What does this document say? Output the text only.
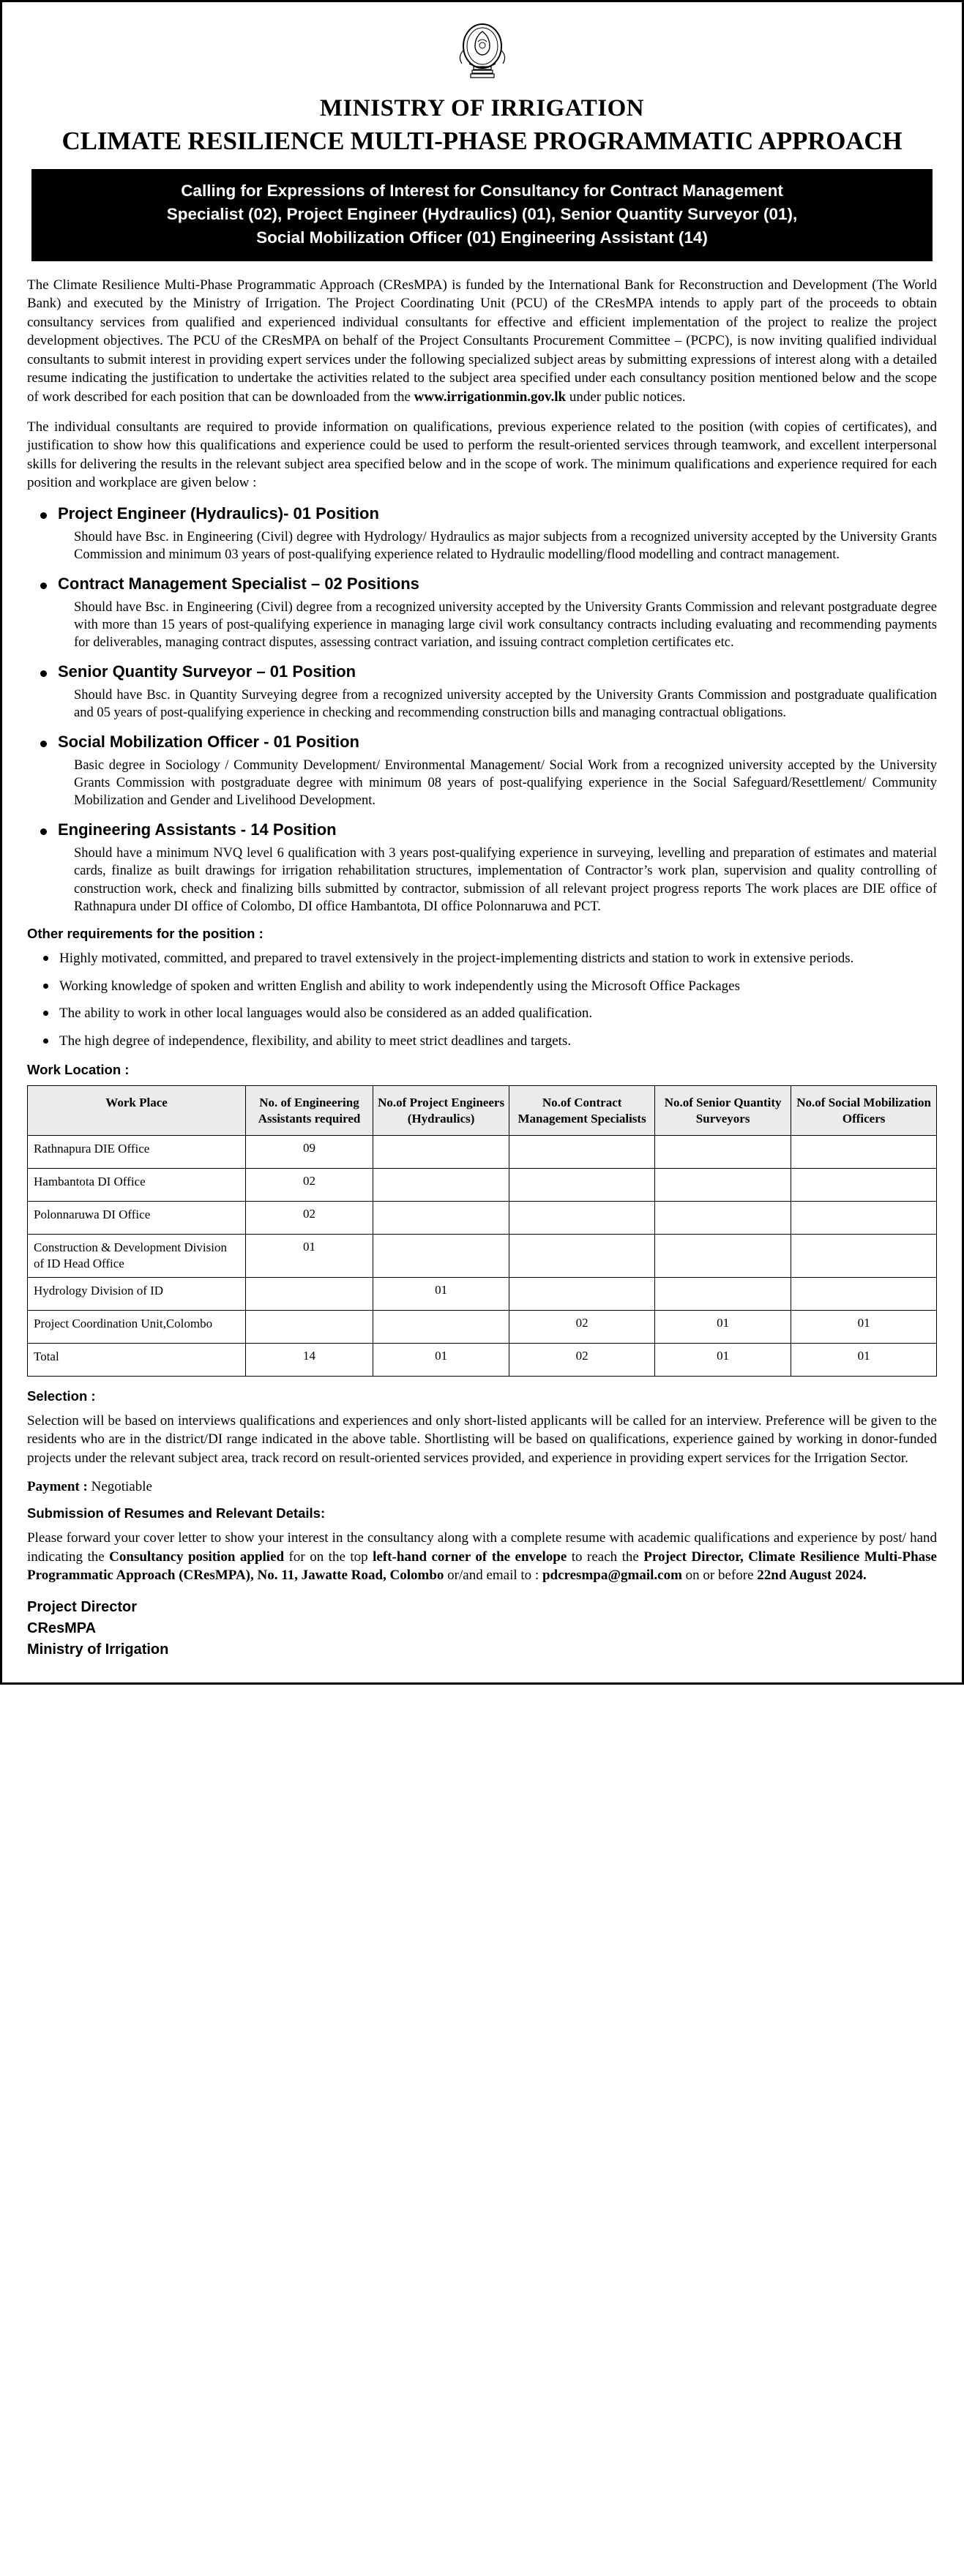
MINISTRY OF IRRIGATION
CLIMATE RESILIENCE MULTI-PHASE PROGRAMMATIC APPROACH
Calling for Expressions of Interest for Consultancy for Contract Management
Specialist (02), Project Engineer (Hydraulics) (01), Senior Quantity Surveyor (01),
Social Mobilization Officer (01) Engineering Assistant (14)

The Climate Resilience Multi-Phase Programmatic Approach (CResMPA) is funded by the International Bank for Reconstruction and Development (The World Bank) and executed by the Ministry of Irrigation. The Project Coordinating Unit (PCU) of the CResMPA intends to apply part of the proceeds to obtain consultancy services from qualified and experienced individual consultants for effective and efficient implementation of the project to realize the project development objectives. The PCU of the CResMPA on behalf of the Project Consultants Procurement Committee – (PCPC), is now inviting qualified individual consultants to submit interest in providing expert services under the following specialized subject areas by submitting expressions of interest along with a detailed resume indicating the justification to undertake the activities related to the subject area specified under each consultancy position mentioned below and the scope of work described for each position that can be downloaded from the www.irrigationmin.gov.lk under public notices.

The individual consultants are required to provide information on qualifications, previous experience related to the position (with copies of certificates), and justification to show how this qualifications and experience could be used to perform the result-oriented services through teamwork, and excellent interpersonal skills for delivering the results in the relevant subject area specified below and in the scope of work. The minimum qualifications and experience required for each position and workplace are given below :

Project Engineer (Hydraulics)- 01 Position

Should have Bsc. in Engineering (Civil) degree with Hydrology/ Hydraulics as major subjects from a recognized university accepted by the University Grants Commission and minimum 03 years of post-qualifying experience related to Hydraulic modelling/flood modelling and contract management.

Contract Management Specialist – 02 Positions

Should have Bsc. in Engineering (Civil) degree from a recognized university accepted by the University Grants Commission and relevant postgraduate degree with more than 15 years of post-qualifying experience in managing large civil work consultancy contracts including evaluating and recommending payments for deliverables, managing contract disputes, assessing contract variation, and issuing contract completion certificates etc.

Senior Quantity Surveyor – 01 Position

Should have Bsc. in Quantity Surveying degree from a recognized university accepted by the University Grants Commission and postgraduate qualification and 05 years of post-qualifying experience in checking and recommending construction bills and managing contractual obligations.

Social Mobilization Officer - 01 Position

Basic degree in Sociology / Community Development/ Environmental Management/ Social Work from a recognized university accepted by the University Grants Commission with postgraduate degree with minimum 08 years of post-qualifying experience in the Social Safeguard/Resettlement/ Community Mobilization and Gender and Livelihood Development.

Engineering Assistants - 14 Position

Should have a minimum NVQ level 6 qualification with 3 years post-qualifying experience in surveying, levelling and preparation of estimates and material cards, finalize as built drawings for irrigation rehabilitation structures, implementation of Contractor’s work plan, supervision and quality controlling of construction work, check and finalizing bills submitted by contractor, submission of all relevant project progress reports The work places are DIE office of Rathnapura under DI office of Colombo, DI office Hambantota, DI office Polonnaruwa and PCT.

Other requirements for the position :
Highly motivated, committed, and prepared to travel extensively in the project-implementing districts and station to work in extensive periods.
Working knowledge of spoken and written English and ability to work independently using the Microsoft Office Packages
The ability to work in other local languages would also be considered as an added qualification.
The high degree of independence, flexibility, and ability to meet strict deadlines and targets.
Work Location :
Work Place	No. of Engineering Assistants required	No.of Project Engineers (Hydraulics)	No.of Contract Management Specialists	No.of Senior Quantity Surveyors	No.of Social Mobilization Officers
Rathnapura DIE Office	09				
Hambantota DI Office	02				
Polonnaruwa DI Office	02				
Construction & Development Division of ID Head Office	01				
Hydrology Division of ID		01			
Project Coordination Unit,Colombo			02	01	01
Total	14	01	02	01	01
Selection :

Selection will be based on interviews qualifications and experiences and only short-listed applicants will be called for an interview. Preference will be given to the residents who are in the district/DI range indicated in the above table. Shortlisting will be based on qualifications, experience gained by working in donor-funded projects under the relevant subject area, track record on result-oriented services provided, and experience in providing expert services for the Irrigation Sector.

Payment : Negotiable

Submission of Resumes and Relevant Details:

Please forward your cover letter to show your interest in the consultancy along with a complete resume with academic qualifications and experience by post/ hand indicating the Consultancy position applied for on the top left-hand corner of the envelope to reach the Project Director, Climate Resilience Multi-Phase Programmatic Approach (CResMPA), No. 11, Jawatte Road, Colombo or/and email to : pdcresmpa@gmail.com on or before 22nd August 2024.

Project Director
CResMPA
Ministry of Irrigation
